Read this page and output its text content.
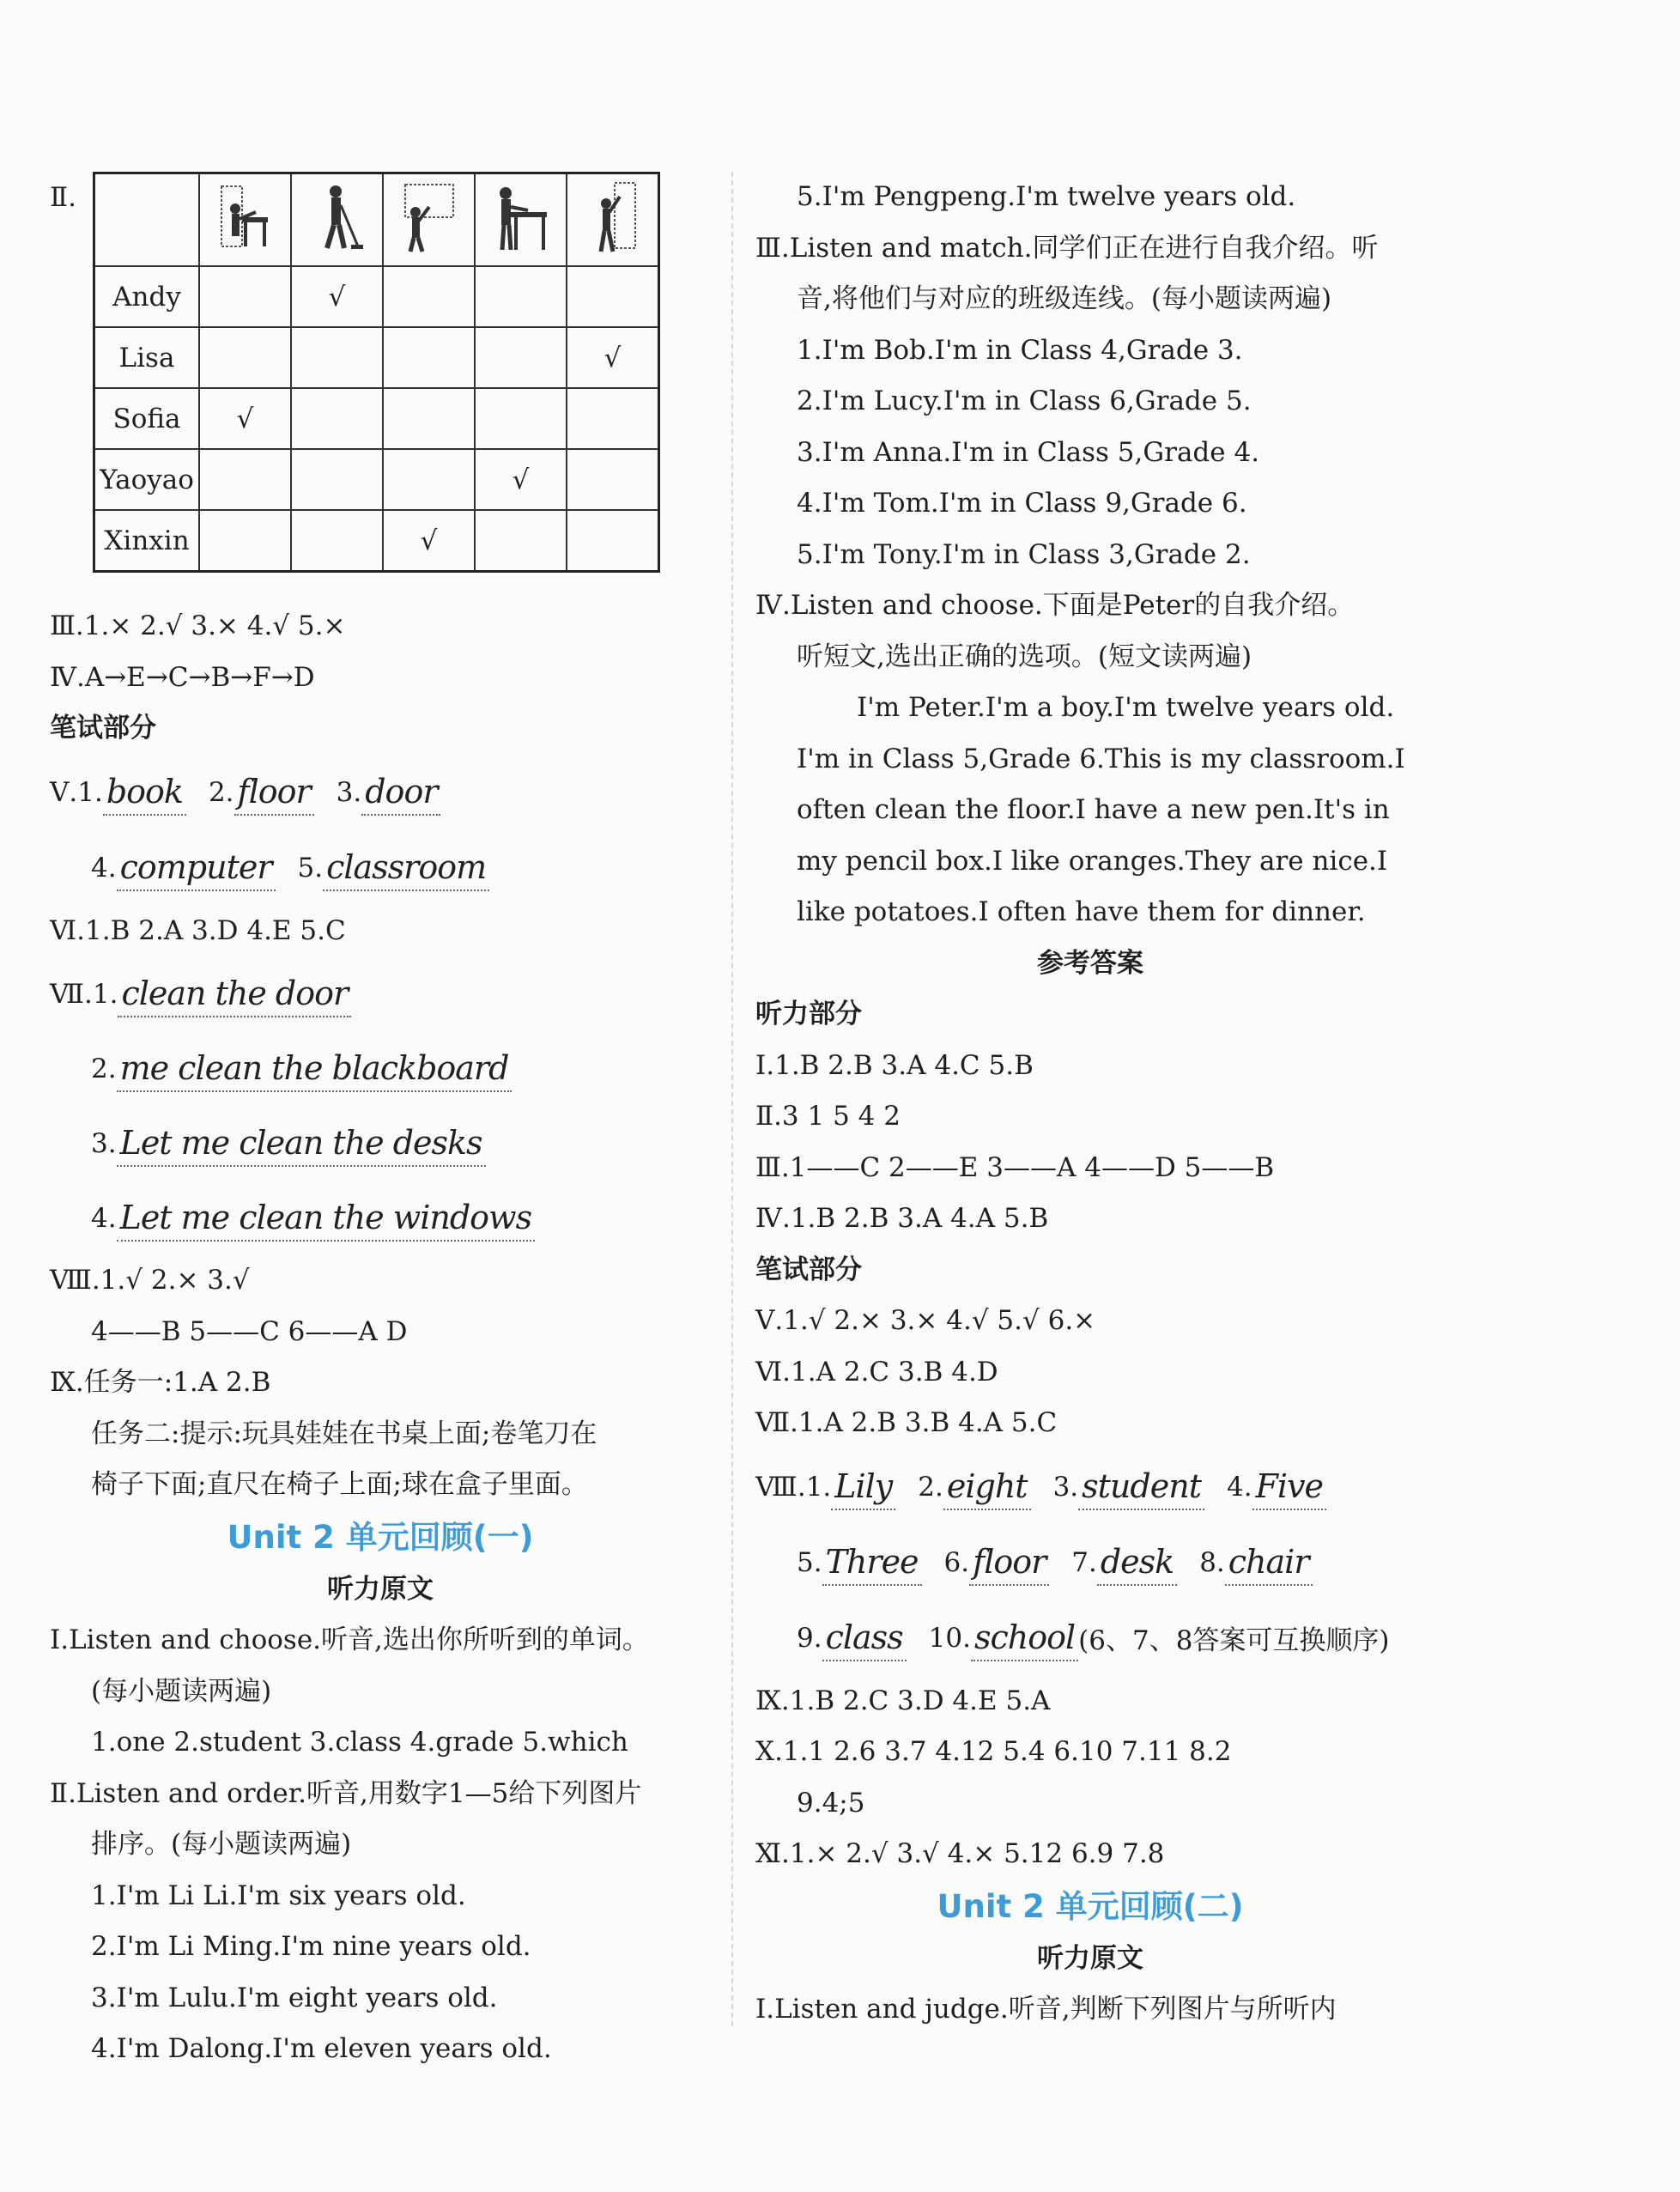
Ⅱ.

Andy		√			
Lisa					√
Sofia	√				
Yaoyao				√	
Xinxin			√		
Ⅲ.1.× 2.√ 3.× 4.√ 5.×
Ⅳ.A→E→C→B→F→D
笔试部分
Ⅴ. 1. book 2. floor 3. door
4. computer 5. classroom
Ⅵ.1.B 2.A 3.D 4.E 5.C
Ⅶ. 1. clean the door
2. me clean the blackboard
3. Let me clean the desks
4. Let me clean the windows
Ⅷ.1.√ 2.× 3.√
4——B 5——C 6——A D
Ⅸ.任务一:1.A 2.B
任务二:提示:玩具娃娃在书桌上面;卷笔刀在
椅子下面;直尺在椅子上面;球在盒子里面。
Unit 2 单元回顾(一)
听力原文
Ⅰ.Listen and choose.听音,选出你所听到的单词。
(每小题读两遍)
1.one 2.student 3.class 4.grade 5.which
Ⅱ.Listen and order.听音,用数字1—5给下列图片
排序。(每小题读两遍)
1.I'm Li Li.I'm six years old.
2.I'm Li Ming.I'm nine years old.
3.I'm Lulu.I'm eight years old.
4.I'm Dalong.I'm eleven years old.
5.I'm Pengpeng.I'm twelve years old.
Ⅲ.Listen and match.同学们正在进行自我介绍。听
音,将他们与对应的班级连线。(每小题读两遍)
1.I'm Bob.I'm in Class 4,Grade 3.
2.I'm Lucy.I'm in Class 6,Grade 5.
3.I'm Anna.I'm in Class 5,Grade 4.
4.I'm Tom.I'm in Class 9,Grade 6.
5.I'm Tony.I'm in Class 3,Grade 2.
Ⅳ.Listen and choose.下面是Peter的自我介绍。
听短文,选出正确的选项。(短文读两遍)
I'm Peter.I'm a boy.I'm twelve years old.
I'm in Class 5,Grade 6.This is my classroom.I
often clean the floor.I have a new pen.It's in
my pencil box.I like oranges.They are nice.I
like potatoes.I often have them for dinner.
参考答案
听力部分
Ⅰ.1.B 2.B 3.A 4.C 5.B
Ⅱ.3 1 5 4 2
Ⅲ.1——C 2——E 3——A 4——D 5——B
Ⅳ.1.B 2.B 3.A 4.A 5.B
笔试部分
Ⅴ.1.√ 2.× 3.× 4.√ 5.√ 6.×
Ⅵ.1.A 2.C 3.B 4.D
Ⅶ.1.A 2.B 3.B 4.A 5.C
Ⅷ. 1. Lily 2. eight 3. student 4. Five
5. Three 6. floor 7. desk 8. chair
9. class 10. school (6、7、8答案可互换顺序)
Ⅸ.1.B 2.C 3.D 4.E 5.A
Ⅹ.1.1 2.6 3.7 4.12 5.4 6.10 7.11 8.2
9.4;5
Ⅺ.1.× 2.√ 3.√ 4.× 5.12 6.9 7.8
Unit 2 单元回顾(二)
听力原文
Ⅰ.Listen and judge.听音,判断下列图片与所听内
